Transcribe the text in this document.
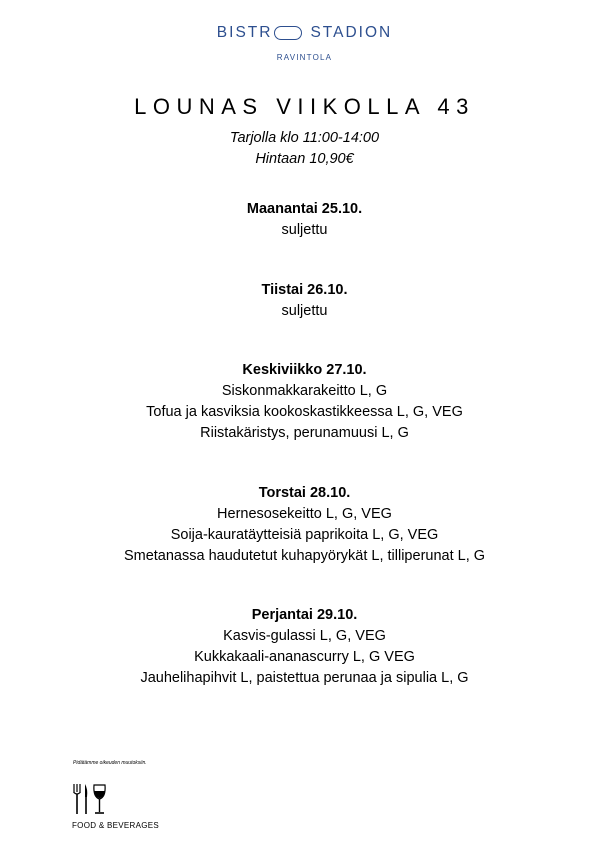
BISTR STADION
RAVINTOLA
LOUNAS VIIKOLLA 43
Tarjolla klo 11:00-14:00
Hintaan 10,90€
Maanantai 25.10.
suljettu
Tiistai 26.10.
suljettu
Keskiviikko 27.10.
Siskonmakkarakeitto L, G
Tofua ja kasviksia kookoskastikkeessa L, G, VEG
Riistakäristys, perunamuusi L, G
Torstai 28.10.
Hernesosekeitto L, G, VEG
Soija-kauratäytteisiä paprikoita L, G, VEG
Smetanassa haudutetut kuhapyörykät L, tilliperunat L, G
Perjantai 29.10.
Kasvis-gulassi L, G, VEG
Kukkakaali-ananascurry L, G VEG
Jauhelihapihvit L, paistettua perunaa ja sipulia L, G
Pidätämme oikeuden muutoksiin.
FOOD & BEVERAGES
